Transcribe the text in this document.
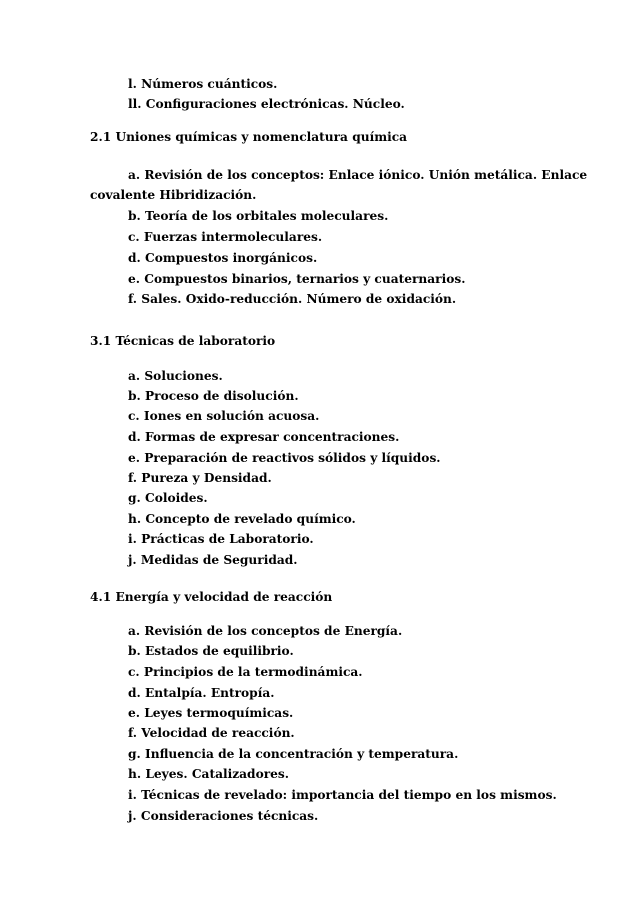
l. Números cuánticos.
ll. Configuraciones electrónicas. Núcleo.
2.1 Uniones químicas y nomenclatura química
a. Revisión de los conceptos: Enlace iónico. Unión metálica. Enlace
covalente Hibridización.
b. Teoría de los orbitales moleculares.
c. Fuerzas intermoleculares.
d. Compuestos inorgánicos.
e. Compuestos binarios, ternarios y cuaternarios.
f. Sales. Oxido-reducción. Número de oxidación.
3.1 Técnicas de laboratorio
a. Soluciones.
b. Proceso de disolución.
c. Iones en solución acuosa.
d. Formas de expresar concentraciones.
e. Preparación de reactivos sólidos y líquidos.
f. Pureza y Densidad.
g. Coloides.
h. Concepto de revelado químico.
i. Prácticas de Laboratorio.
j. Medidas de Seguridad.
4.1 Energía y velocidad de reacción
a. Revisión de los conceptos de Energía.
b. Estados de equilibrio.
c. Principios de la termodinámica.
d. Entalpía. Entropía.
e. Leyes termoquímicas.
f. Velocidad de reacción.
g. Influencia de la concentración y temperatura.
h. Leyes. Catalizadores.
i. Técnicas de revelado: importancia del tiempo en los mismos.
j. Consideraciones técnicas.
